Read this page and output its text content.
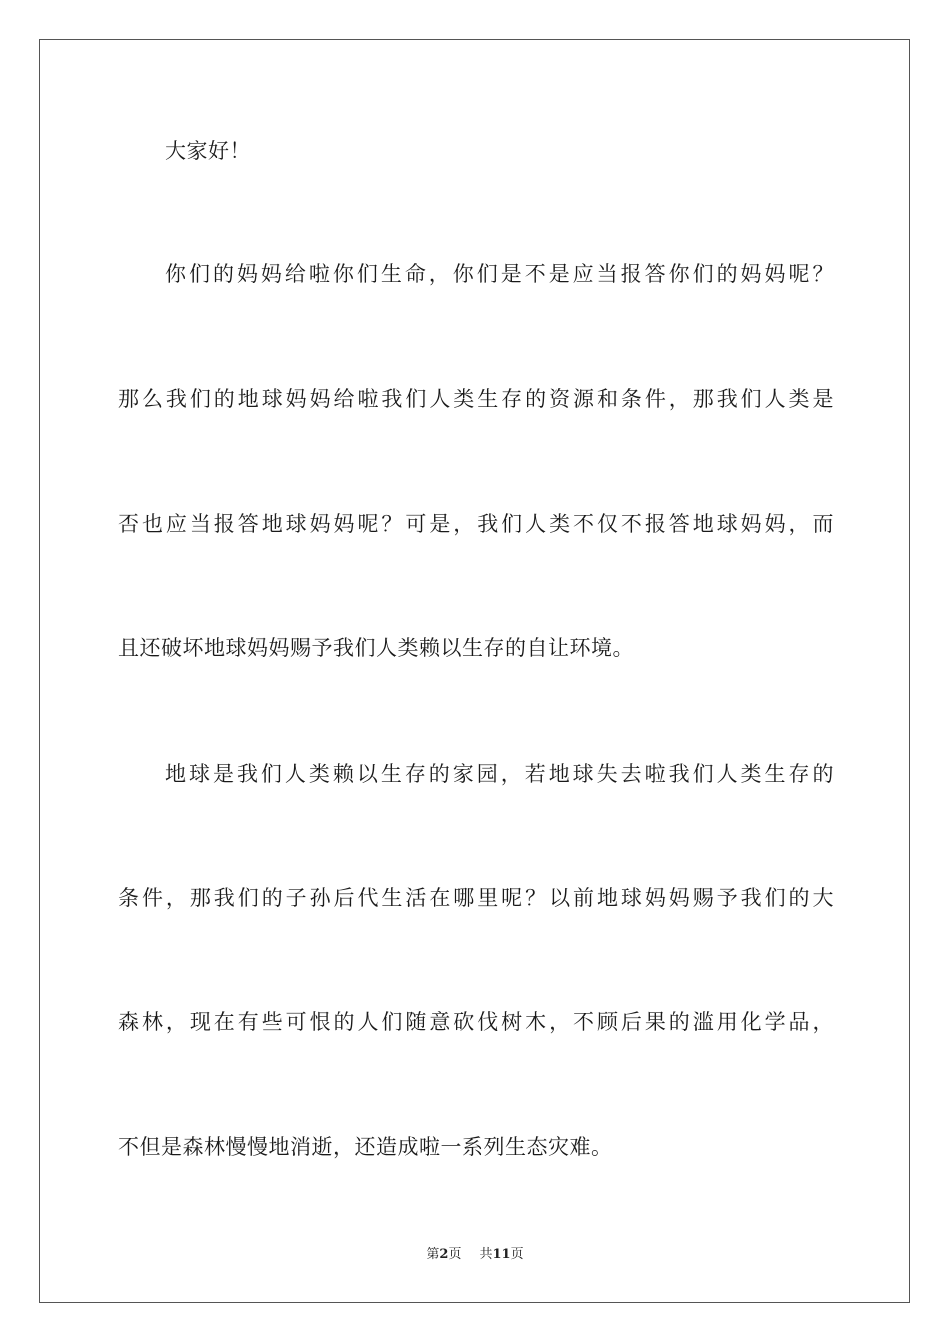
大家好！
你们的妈妈给啦你们生命，你们是不是应当报答你们的妈妈呢？
那么我们的地球妈妈给啦我们人类生存的资源和条件，那我们人类是
否也应当报答地球妈妈呢？可是，我们人类不仅不报答地球妈妈，而
且还破坏地球妈妈赐予我们人类赖以生存的自让环境。
地球是我们人类赖以生存的家园，若地球失去啦我们人类生存的
条件，那我们的子孙后代生活在哪里呢？以前地球妈妈赐予我们的大
森林，现在有些可恨的人们随意砍伐树木，不顾后果的滥用化学品，
不但是森林慢慢地消逝，还造成啦一系列生态灾难。
第2页 共11页
